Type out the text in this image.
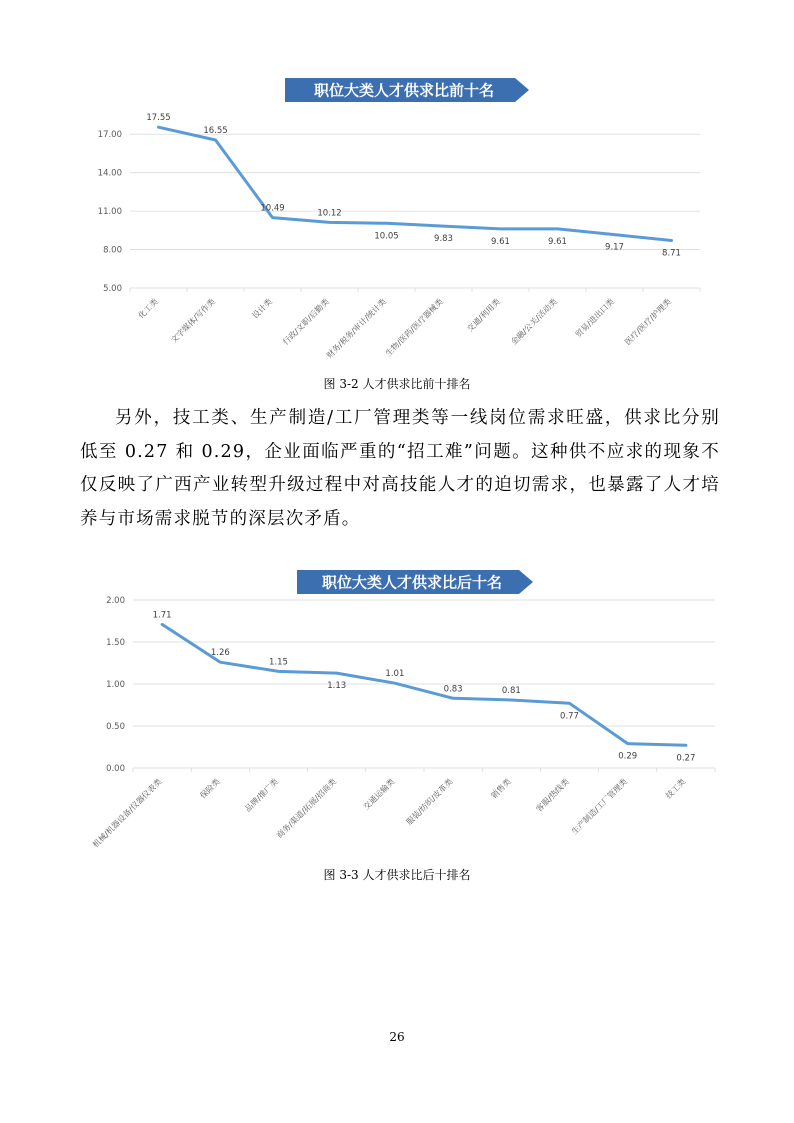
职位大类人才供求比前十名
5.00
8.00
11.00
14.00
17.00
17.55
16.55
10.49	10.12
10.05	9.83	9.61	9.61
9.17
8.71
化工类 文字媒体/写作类	设计类 行政/文职/后勤类
财务/税务/审计/统计类
生物/医药/医疗器械类	交通/利用类 金融/公关/活动类 贸易/进出口类 医疗/医疗/护理类
图 3-2 人才供求比前十排名
另外，技工类、生产制造/工厂管理类等一线岗位需求旺盛，供求比分别低至 0.27 和 0.29，企业面临严重的“招工难”问题。这种供不应求的现象不仅反映了广西产业转型升级过程中对高技能人才的迫切需求，也暴露了人才培养与市场需求脱节的深层次矛盾。
职位大类人才供求比后十名
0.00
0.50
1.00
1.50
2.00
1.71
1.26
1.15
1.13
1.01
0.83	0.81
0.77
0.29	0.27
机械/机器设备/仪器仪表类	保险类	品牌/推广类
商务/渠道/拓展/招商类	交通运输类 服装/纺织/皮革类	销售类	客服/热线类 生产制造/工厂管理类	技工类
图 3-3 人才供求比后十排名
26
